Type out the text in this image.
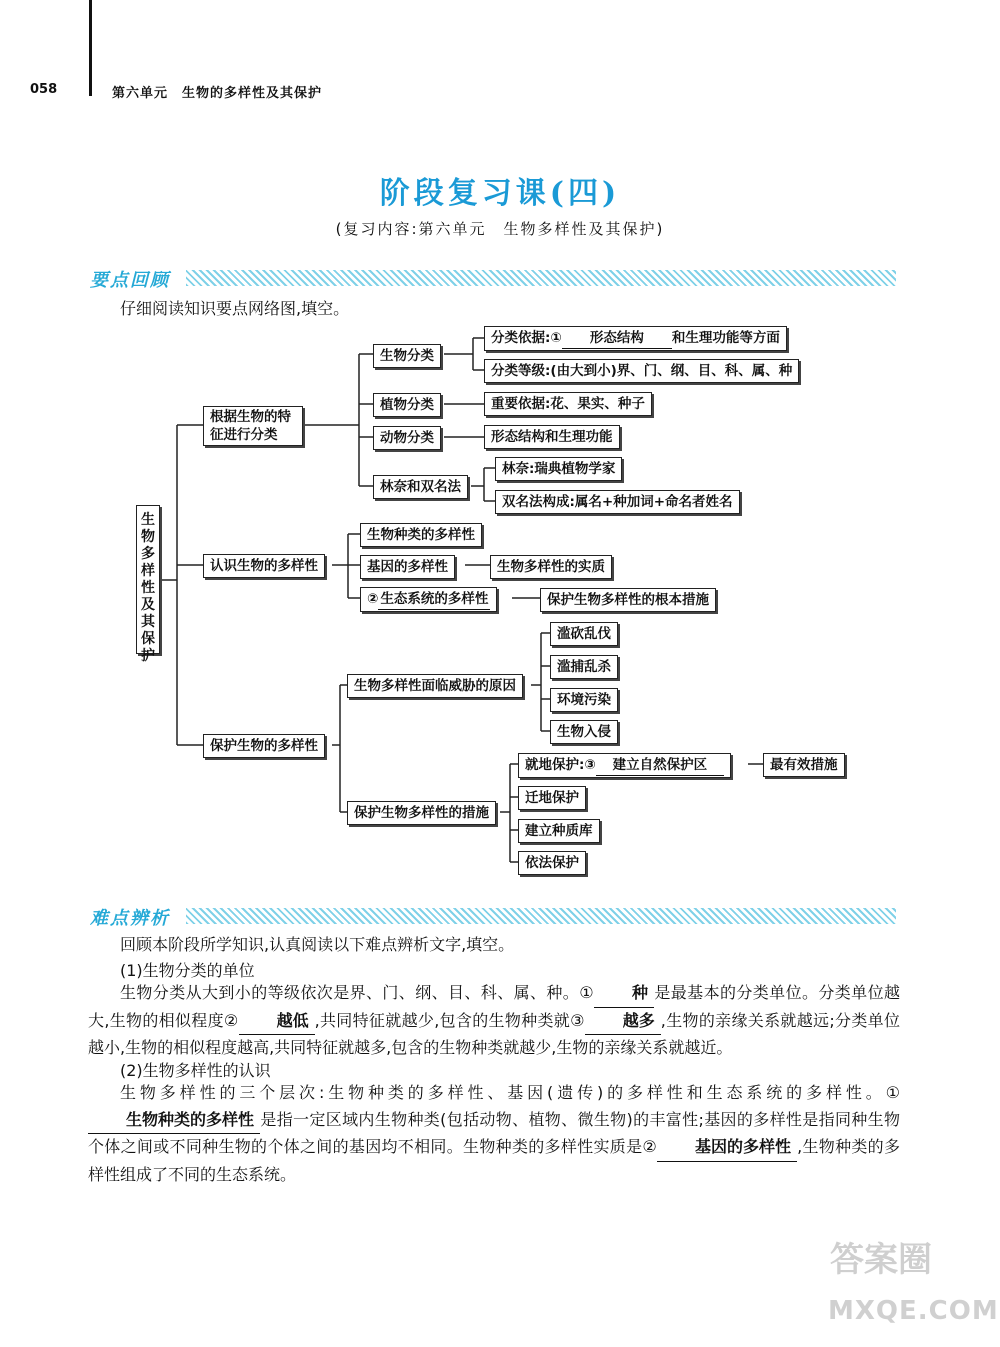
058	第六单元　生物的多样性及其保护
阶段复习课(四)
(复习内容:第六单元　生物多样性及其保护)
要点回顾
仔细阅读知识要点网络图,填空。
生物多样性及其保护
根据生物的特征进行分类
生物分类
分类依据:① 形态结构 和生理功能等方面
分类等级:(由大到小)界、门、纲、目、科、属、种
植物分类	重要依据:花、果实、种子
动物分类	形态结构和生理功能
林奈和双名法
林奈:瑞典植物学家
双名法构成:属名+种加词+命名者姓名
认识生物的多样性
生物种类的多样性
基因的多样性	生物多样性的实质
② 生态系统的多样性	保护生物多样性的根本措施
保护生物的多样性
生物多样性面临威胁的原因
滥砍乱伐
滥捕乱杀
环境污染
生物入侵
保护生物多样性的措施
就地保护:③ 建立自然保护区	最有效措施
迁地保护
建立种质库
依法保护
难点辨析
回顾本阶段所学知识,认真阅读以下难点辨析文字,填空。
(1)生物分类的单位
生物分类从大到小的等级依次是界、门、纲、目、科、属、种。① 种 是最基本的分类单位。分类单位越大,生物的相似程度② 越低 ,共同特征就越少,包含的生物种类就③ 越多 ,生物的亲缘关系就越远;分类单位越小,生物的相似程度越高,共同特征就越多,包含的生物种类就越少,生物的亲缘关系就越近。
(2)生物多样性的认识
生物多样性的三个层次:生物种类的多样性、基因(遗传)的多样性和生态系统的多样性。①生物种类的多样性 是指一定区域内生物种类(包括动物、植物、微生物)的丰富性;基因的多样性是指同种生物个体之间或不同种生物的个体之间的基因均不相同。生物种类的多样性实质是② 基因的多样性 ,生物种类的多样性组成了不同的生态系统。
答案圈
MXQE.COM
